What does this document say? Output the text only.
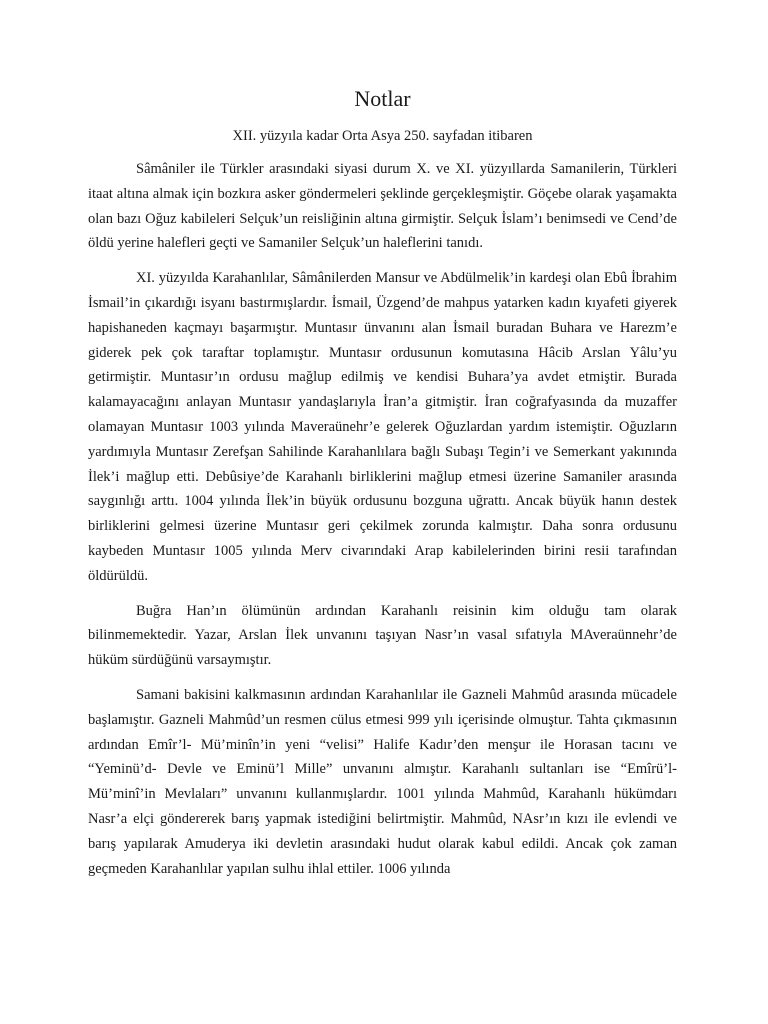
Notlar

XII. yüzyıla kadar Orta Asya 250. sayfadan itibaren

Sâmâniler ile Türkler arasındaki siyasi durum X. ve XI. yüzyıllarda Samanilerin, Türkleri itaat altına almak için bozkıra asker göndermeleri şeklinde gerçekleşmiştir. Göçebe olarak yaşamakta olan bazı Oğuz kabileleri Selçuk’un reisliğinin altına girmiştir. Selçuk İslam’ı benimsedi ve Cend’de öldü yerine halefleri geçti ve Samaniler Selçuk’un haleflerini tanıdı.

XI. yüzyılda Karahanlılar, Sâmânilerden Mansur ve Abdülmelik’in kardeşi olan Ebû İbrahim İsmail’in çıkardığı isyanı bastırmışlardır. İsmail, Üzgend’de mahpus yatarken kadın kıyafeti giyerek hapishaneden kaçmayı başarmıştır. Muntasır ünvanını alan İsmail buradan Buhara ve Harezm’e giderek pek çok taraftar toplamıştır. Muntasır ordusunun komutasına Hâcib Arslan Yâlu’yu getirmiştir. Muntasır’ın ordusu mağlup edilmiş ve kendisi Buhara’ya avdet etmiştir. Burada kalamayacağını anlayan Muntasır yandaşlarıyla İran’a gitmiştir. İran coğrafyasında da muzaffer olamayan Muntasır 1003 yılında Maveraünehr’e gelerek Oğuzlardan yardım istemiştir. Oğuzların yardımıyla Muntasır Zerefşan Sahilinde Karahanlılara bağlı Subaşı Tegin’i ve Semerkant yakınında İlek’i mağlup etti. Debûsiye’de Karahanlı birliklerini mağlup etmesi üzerine Samaniler arasında saygınlığı arttı. 1004 yılında İlek’in büyük ordusunu bozguna uğrattı. Ancak büyük hanın destek birliklerini gelmesi üzerine Muntasır geri çekilmek zorunda kalmıştır. Daha sonra ordusunu kaybeden Muntasır 1005 yılında Merv civarındaki Arap kabilelerinden birini resii tarafından öldürüldü.

Buğra Han’ın ölümünün ardından Karahanlı reisinin kim olduğu tam olarak bilinmemektedir. Yazar, Arslan İlek unvanını taşıyan Nasr’ın vasal sıfatıyla MAveraünnehr’de hüküm sürdüğünü varsaymıştır.

Samani bakisini kalkmasının ardından Karahanlılar ile Gazneli Mahmûd arasında mücadele başlamıştır. Gazneli Mahmûd’un resmen cülus etmesi 999 yılı içerisinde olmuştur. Tahta çıkmasının ardından Emîr’l- Mü’minîn’in yeni “velisi” Halife Kadır’den menşur ile Horasan tacını ve “Yeminü’d- Devle ve Eminü’l Mille” unvanını almıştır. Karahanlı sultanları ise “Emîrü’l- Mü’minî’in Mevlaları” unvanını kullanmışlardır. 1001 yılında Mahmûd, Karahanlı hükümdarı Nasr’a elçi göndererek barış yapmak istediğini belirtmiştir. Mahmûd, NAsr’ın kızı ile evlendi ve barış yapılarak Amuderya iki devletin arasındaki hudut olarak kabul edildi. Ancak çok zaman geçmeden Karahanlılar yapılan sulhu ihlal ettiler. 1006 yılında
